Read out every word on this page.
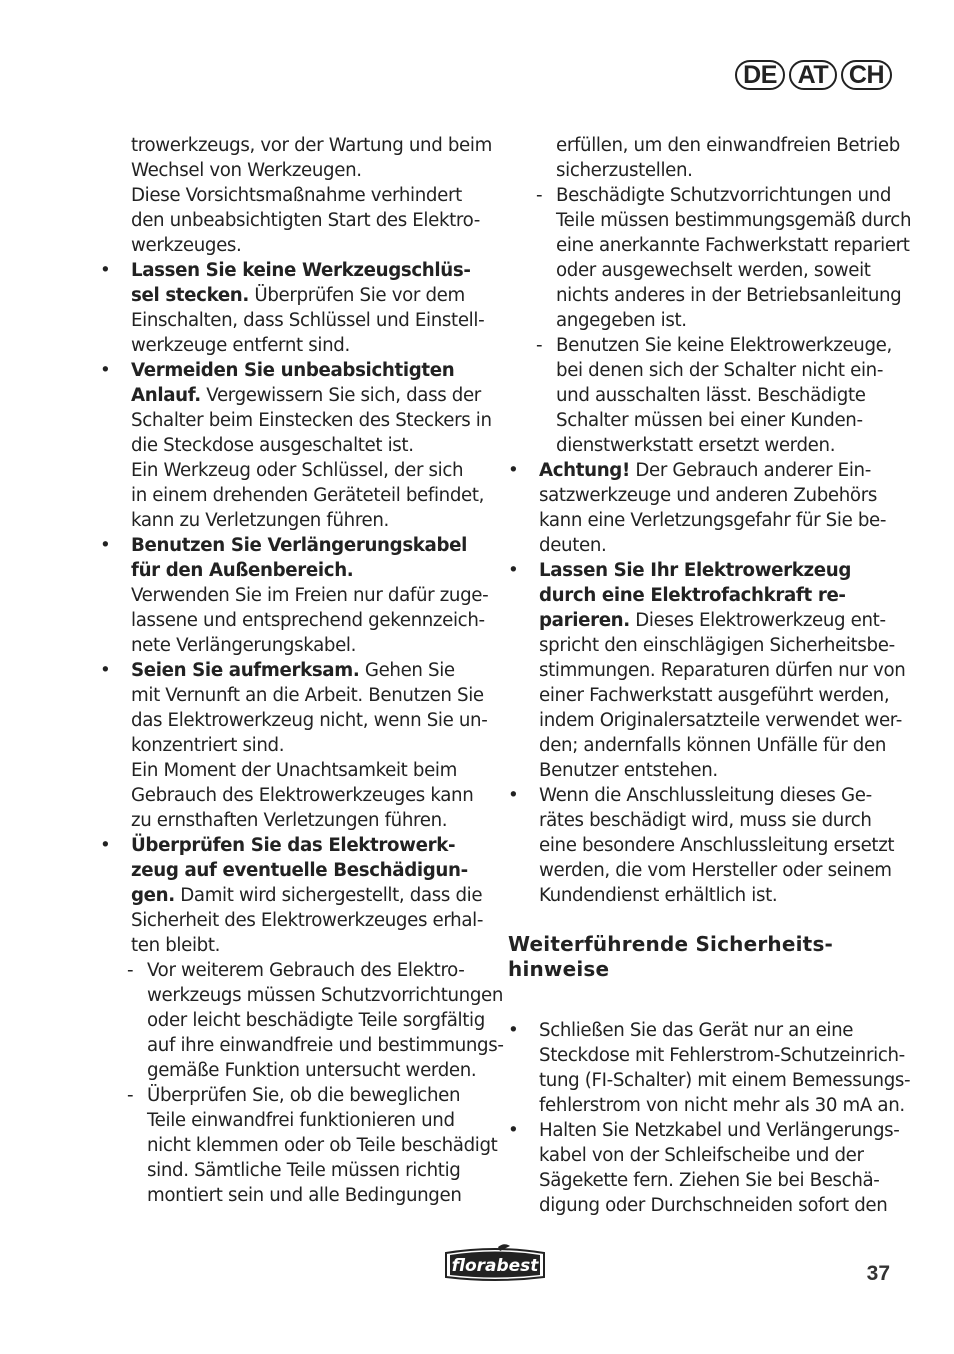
DE AT CH
trowerkzeugs, vor der Wartung und beim
Wechsel von Werkzeugen.
Diese Vorsichtsmaßnahme verhindert
den unbeabsichtigten Start des Elektro-
werkzeuges.
• Lassen Sie keine Werkzeugschlüs-
sel stecken. Überprüfen Sie vor dem
Einschalten, dass Schlüssel und Einstell-
werkzeuge entfernt sind.
• Vermeiden Sie unbeabsichtigten
Anlauf. Vergewissern Sie sich, dass der
Schalter beim Einstecken des Steckers in
die Steckdose ausgeschaltet ist.
Ein Werkzeug oder Schlüssel, der sich
in einem drehenden Geräteteil befindet,
kann zu Verletzungen führen.
• Benutzen Sie Verlängerungskabel
für den Außenbereich.
Verwenden Sie im Freien nur dafür zuge-
lassene und entsprechend gekennzeich-
nete Verlängerungskabel.
• Seien Sie aufmerksam. Gehen Sie
mit Vernunft an die Arbeit. Benutzen Sie
das Elektrowerkzeug nicht, wenn Sie un-
konzentriert sind.
Ein Moment der Unachtsamkeit beim
Gebrauch des Elektrowerkzeuges kann
zu ernsthaften Verletzungen führen.
• Überprüfen Sie das Elektrowerk-
zeug auf eventuelle Beschädigun-
gen. Damit wird sichergestellt, dass die
Sicherheit des Elektrowerkzeuges erhal-
ten bleibt.
- Vor weiterem Gebrauch des Elektro-
werkzeugs müssen Schutzvorrichtungen
oder leicht beschädigte Teile sorgfältig
auf ihre einwandfreie und bestimmungs-
gemäße Funktion untersucht werden.
- Überprüfen Sie, ob die beweglichen
Teile einwandfrei funktionieren und
nicht klemmen oder ob Teile beschädigt
sind. Sämtliche Teile müssen richtig
montiert sein und alle Bedingungen
erfüllen, um den einwandfreien Betrieb
sicherzustellen.
- Beschädigte Schutzvorrichtungen und
Teile müssen bestimmungsgemäß durch
eine anerkannte Fachwerkstatt repariert
oder ausgewechselt werden, soweit
nichts anderes in der Betriebsanleitung
angegeben ist.
- Benutzen Sie keine Elektrowerkzeuge,
bei denen sich der Schalter nicht ein-
und ausschalten lässt. Beschädigte
Schalter müssen bei einer Kunden-
dienstwerkstatt ersetzt werden.
• Achtung! Der Gebrauch anderer Ein-
satzwerkzeuge und anderen Zubehörs
kann eine Verletzungsgefahr für Sie be-
deuten.
• Lassen Sie Ihr Elektrowerkzeug
durch eine Elektrofachkraft re-
parieren. Dieses Elektrowerkzeug ent-
spricht den einschlägigen Sicherheitsbe-
stimmungen. Reparaturen dürfen nur von
einer Fachwerkstatt ausgeführt werden,
indem Originalersatzteile verwendet wer-
den; andernfalls können Unfälle für den
Benutzer entstehen.
• Wenn die Anschlussleitung dieses Ge-
rätes beschädigt wird, muss sie durch
eine besondere Anschlussleitung ersetzt
werden, die vom Hersteller oder seinem
Kundendienst erhältlich ist.
Weiterführende Sicherheits-
hinweise
• Schließen Sie das Gerät nur an eine
Steckdose mit Fehlerstrom-Schutzeinrich-
tung (FI-Schalter) mit einem Bemessungs-
fehlerstrom von nicht mehr als 30 mA an.
• Halten Sie Netzkabel und Verlängerungs-
kabel von der Schleifscheibe und der
Sägekette fern. Ziehen Sie bei Beschä-
digung oder Durchschneiden sofort den
florabest	37
